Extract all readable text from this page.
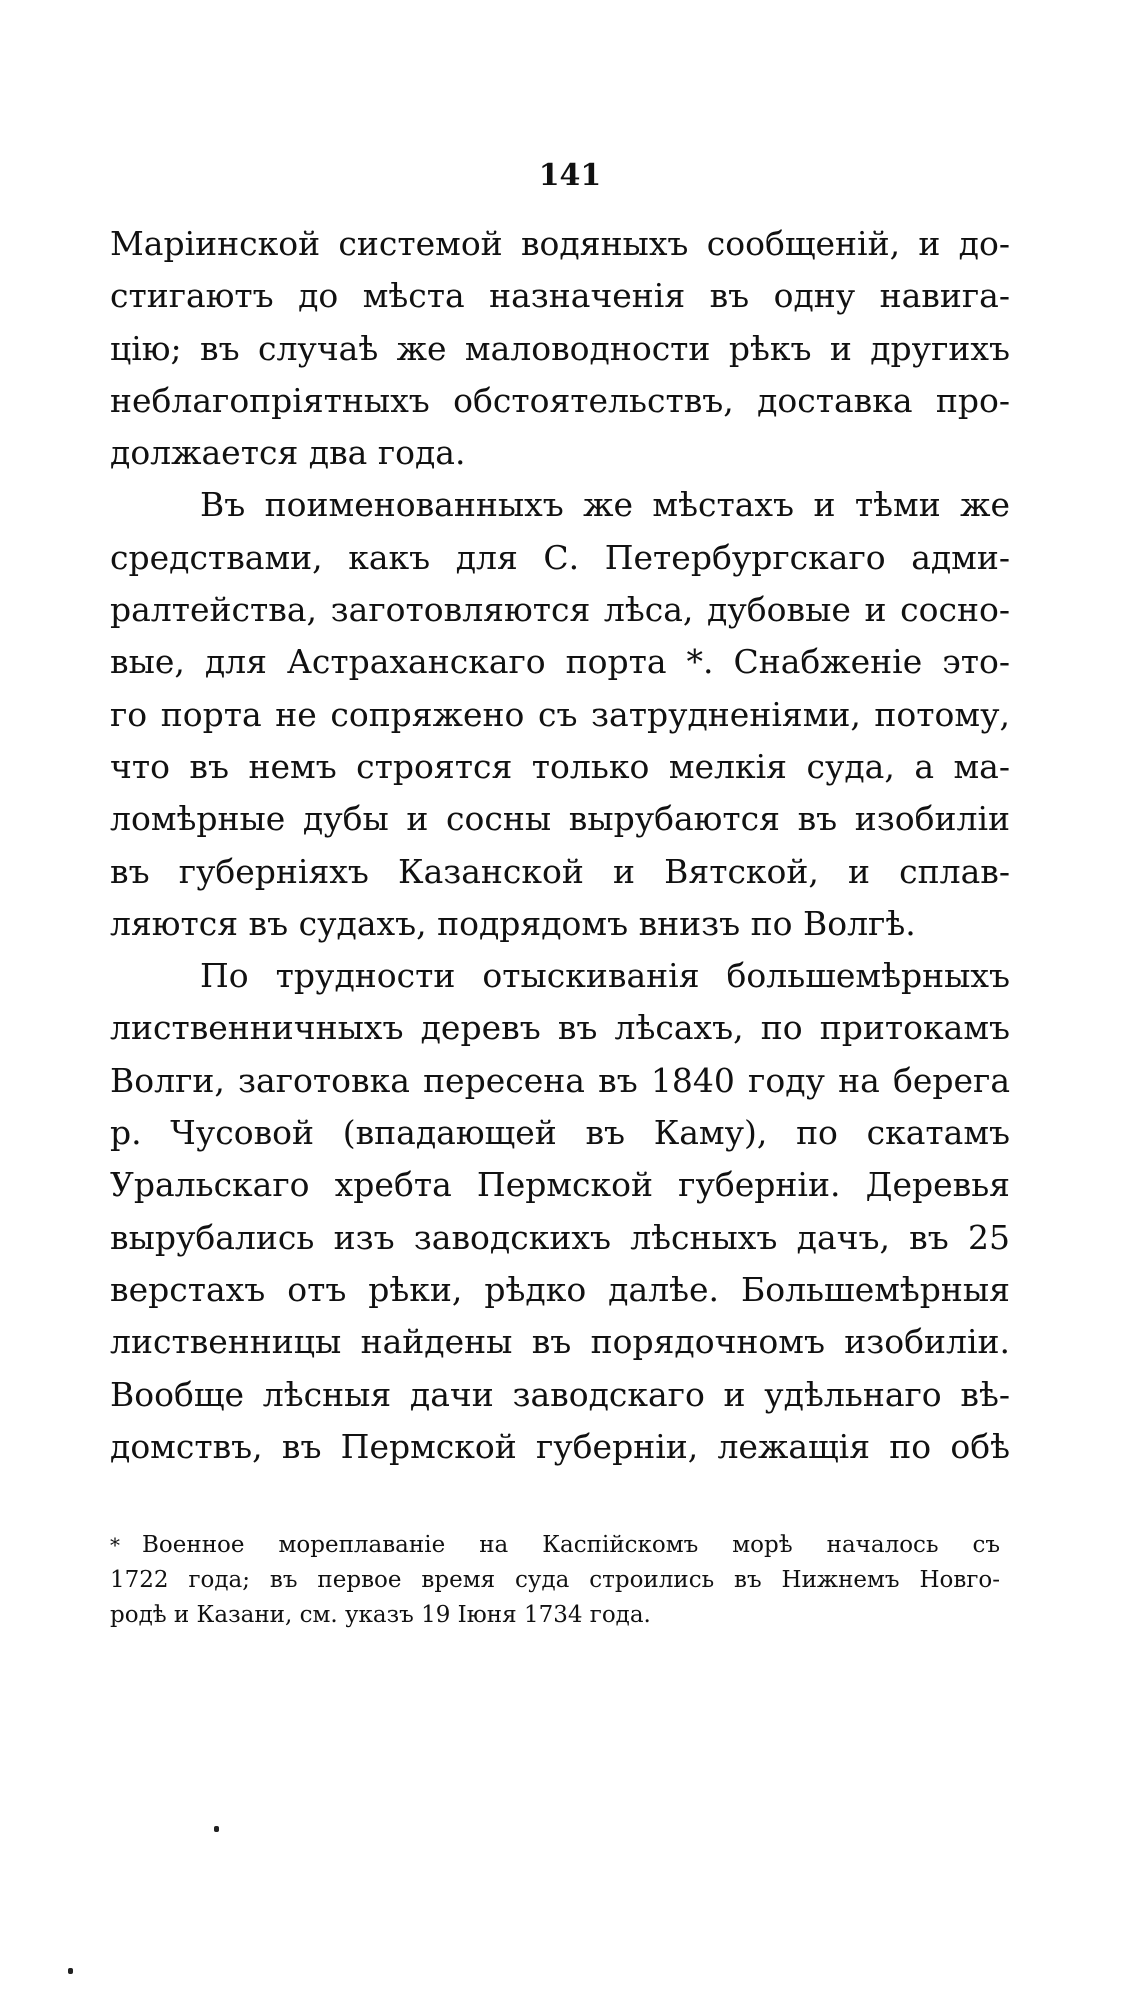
141
Маріинской системой водяныхъ сообщеній, и до-
стигаютъ до мѣста назначенія въ одну навига-
цію; въ случаѣ же маловодности рѣкъ и другихъ
неблагопріятныхъ обстоятельствъ, доставка про-
должается два года.
Въ поименованныхъ же мѣстахъ и тѣми же
средствами, какъ для С. Петербургскаго адми-
ралтейства, заготовляются лѣса, дубовые и сосно-
вые, для Астраханскаго порта *. Снабженіе это-
го порта не сопряжено съ затрудненіями, потому,
что въ немъ строятся только мелкія суда, а ма-
ломѣрные дубы и сосны вырубаются въ изобиліи
въ губерніяхъ Казанской и Вятской, и сплав-
ляются въ судахъ, подрядомъ внизъ по Волгѣ.
По трудности отыскиванія большемѣрныхъ
лиственничныхъ деревъ въ лѣсахъ, по притокамъ
Волги, заготовка пересена въ 1840 году на берега
р. Чусовой (впадающей въ Каму), по скатамъ
Уральскаго хребта Пермской губерніи. Деревья
вырубались изъ заводскихъ лѣсныхъ дачъ, въ 25
верстахъ отъ рѣки, рѣдко далѣе. Большемѣрныя
лиственницы найдены въ порядочномъ изобиліи.
Вообще лѣсныя дачи заводскаго и удѣльнаго вѣ-
домствъ, въ Пермской губерніи, лежащія по обѣ
* Военное мореплаваніе на Каспійскомъ морѣ началось съ
1722 года; въ первое время суда строились въ Нижнемъ Новго-
родѣ и Казани, см. указъ 19 Іюня 1734 года.
